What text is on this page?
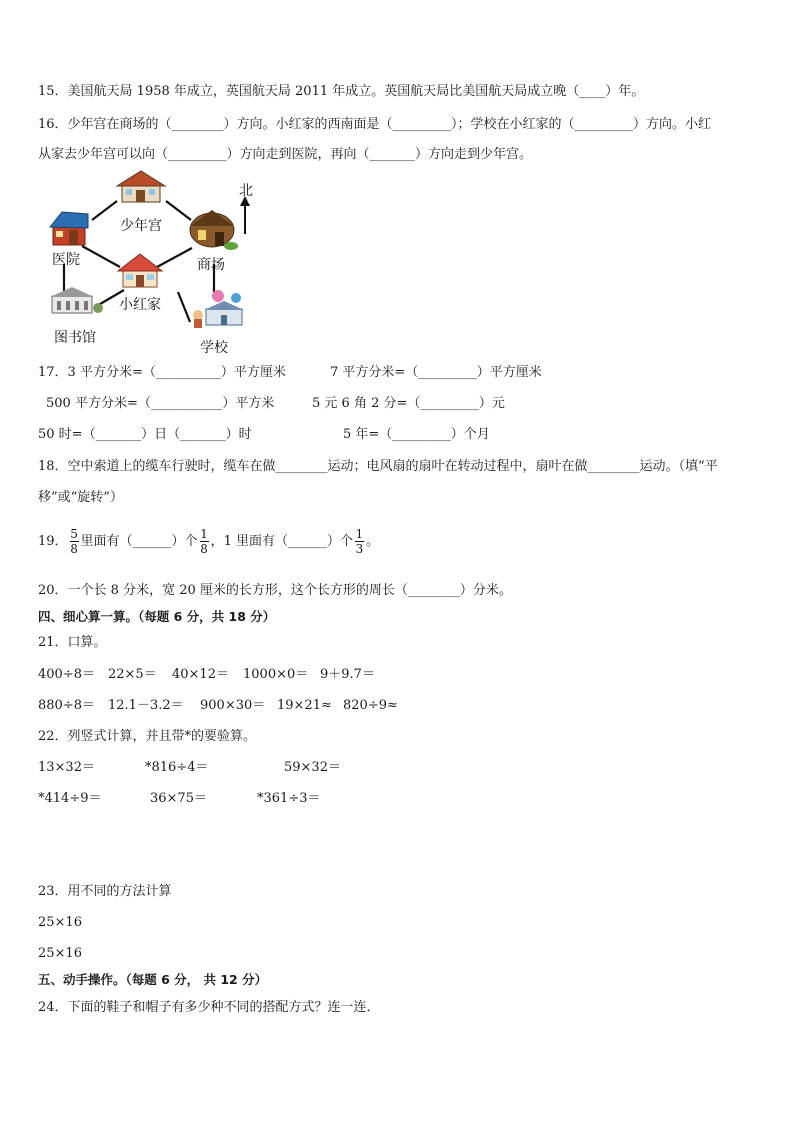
15．美国航天局 1958 年成立，英国航天局 2011 年成立。英国航天局比美国航天局成立晚（____）年。
16．少年宫在商场的（________）方向。小红家的西南面是（_________）；学校在小红家的（_________）方向。小红
从家去少年宫可以向（_________）方向走到医院，再向（_______）方向走到少年宫。
北
少年宫
医院	商场
小红家
图书馆
学校
17．3 平方分米=（__________）平方厘米	7 平方分米=（_________）平方厘米
500 平方分米=（___________）平方米	5 元 6 角 2 分=（_________）元
50 时=（_______）日（_______）时	5 年=（_________）个月
18．空中索道上的缆车行驶时，缆车在做________运动；电风扇的扇叶在转动过程中，扇叶在做________运动。（填“平
移”或“旋转”）
19． $\frac{5}{8}$ 里面有（______）个 $\frac{1}{8}$ ，1 里面有（______）个 $\frac{1}{3}$ 。
20．一个长 8 分米，宽 20 厘米的长方形，这个长方形的周长（________）分米。
四、细心算一算。（每题 6 分，共 18 分）
21．口算。
400÷8＝ 22×5＝ 40×12＝ 1000×0＝ 9＋9.7＝
880÷8＝ 12.1－3.2＝ 900×30＝ 19×21≈ 820÷9≈
22．列竖式计算，并且带*的要验算。
13×32＝	*816÷4＝	59×32＝
*414÷9＝	36×75＝	*361÷3＝
23．用不同的方法计算
25×16
25×16
五、动手操作。（每题 6 分， 共 12 分）
24．下面的鞋子和帽子有多少种不同的搭配方式？连一连．
